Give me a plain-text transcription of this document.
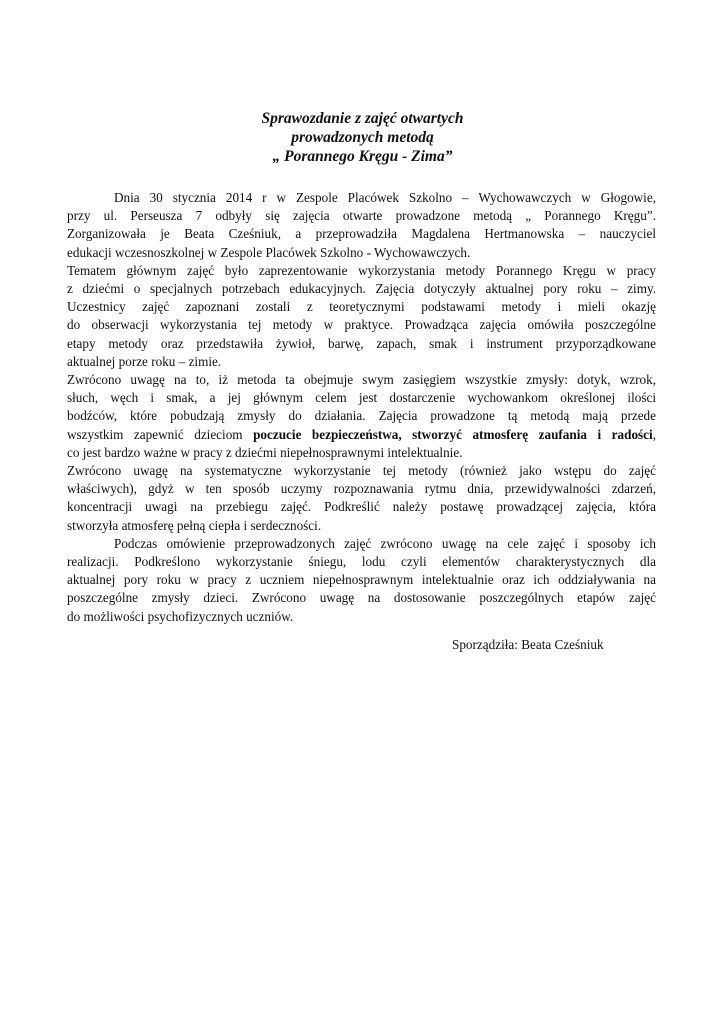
Sprawozdanie z zajęć otwartych
prowadzonych metodą
„ Porannego Kręgu - Zima”
Dnia 30 stycznia 2014 r w Zespole Placówek Szkolno – Wychowawczych w Głogowie,
przy ul. Perseusza 7 odbyły się zajęcia otwarte prowadzone metodą „ Porannego Kręgu”.
Zorganizowała je Beata Cześniuk, a przeprowadziła Magdalena Hertmanowska – nauczyciel
edukacji wczesnoszkolnej w Zespole Placówek Szkolno - Wychowawczych.
Tematem głównym zajęć było zaprezentowanie wykorzystania metody Porannego Kręgu w pracy
z dziećmi o specjalnych potrzebach edukacyjnych. Zajęcia dotyczyły aktualnej pory roku – zimy.
Uczestnicy zajęć zapoznani zostali z teoretycznymi podstawami metody i mieli okazję
do obserwacji wykorzystania tej metody w praktyce. Prowadząca zajęcia omówiła poszczególne
etapy metody oraz przedstawiła żywioł, barwę, zapach, smak i instrument przyporządkowane
aktualnej porze roku – zimie.
Zwrócono uwagę na to, iż metoda ta obejmuje swym zasięgiem wszystkie zmysły: dotyk, wzrok,
słuch, węch i smak, a jej głównym celem jest dostarczenie wychowankom określonej ilości
bodźców, które pobudzają zmysły do działania. Zajęcia prowadzone tą metodą mają przede
wszystkim zapewnić dzieciom poczucie bezpieczeństwa, stworzyć atmosferę zaufania i radości,
co jest bardzo ważne w pracy z dziećmi niepełnosprawnymi intelektualnie.
Zwrócono uwagę na systematyczne wykorzystanie tej metody (również jako wstępu do zajęć
właściwych), gdyż w ten sposób uczymy rozpoznawania rytmu dnia, przewidywalności zdarzeń,
koncentracji uwagi na przebiegu zajęć. Podkreślić należy postawę prowadzącej zajęcia, która
stworzyła atmosferę pełną ciepła i serdeczności.
Podczas omówienie przeprowadzonych zajęć zwrócono uwagę na cele zajęć i sposoby ich
realizacji. Podkreślono wykorzystanie śniegu, lodu czyli elementów charakterystycznych dla
aktualnej pory roku w pracy z uczniem niepełnosprawnym intelektualnie oraz ich oddziaływania na
poszczególne zmysły dzieci. Zwrócono uwagę na dostosowanie poszczególnych etapów zajęć
do możliwości psychofizycznych uczniów.
Sporządziła: Beata Cześniuk
